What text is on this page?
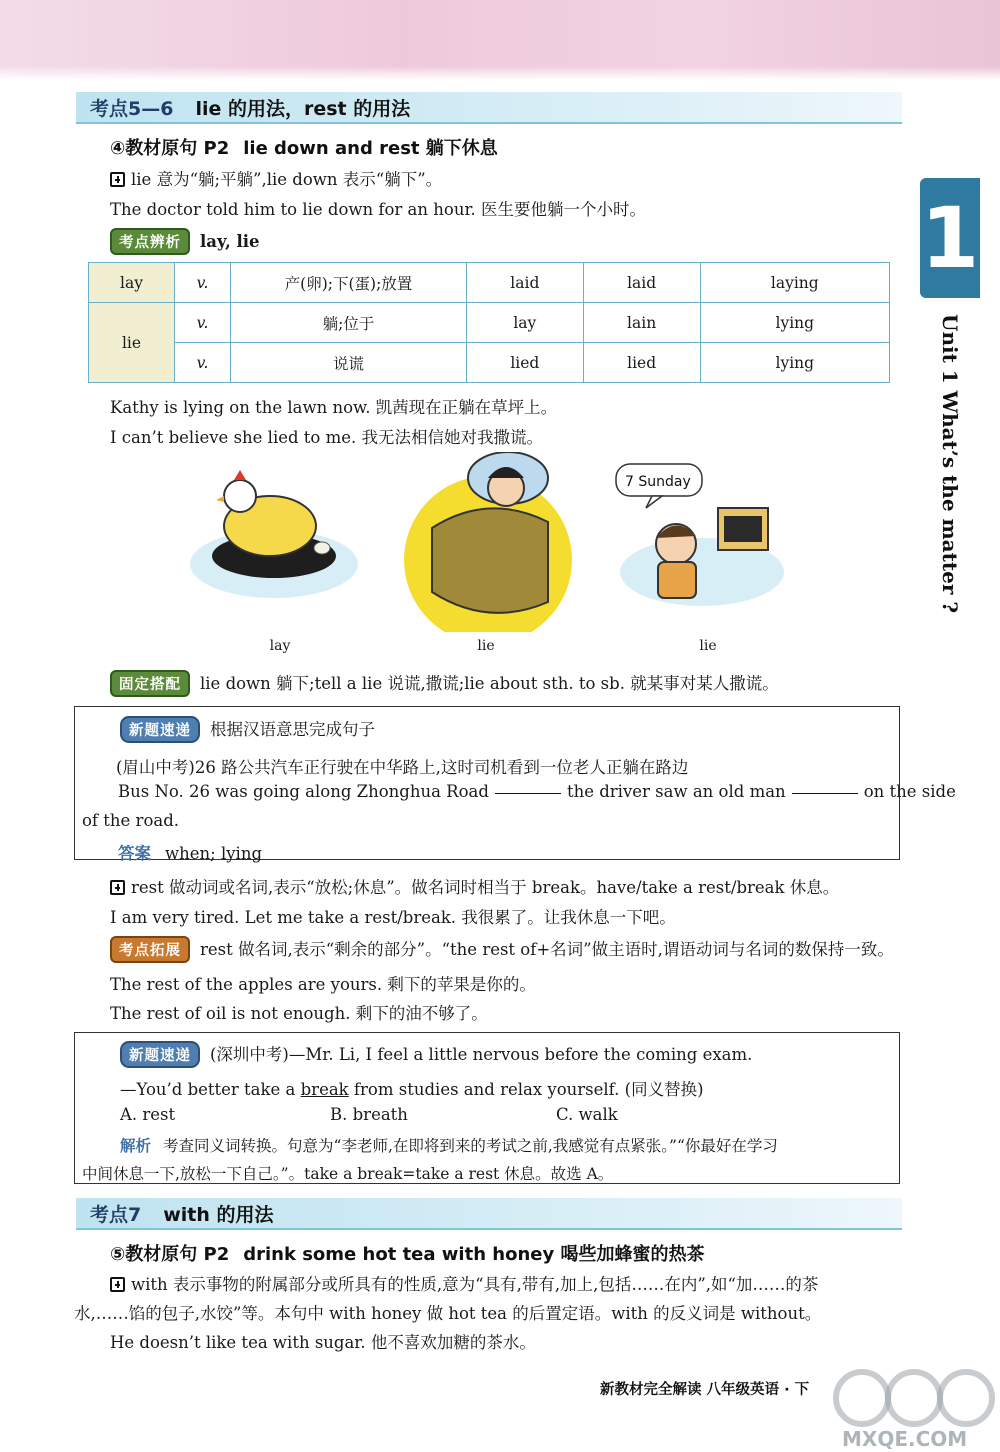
1
Unit 1 What’s the matter ?
考点5—6 lie 的用法，rest 的用法
④教材原句 P2 lie down and rest 躺下休息
lie 意为“躺;平躺”,lie down 表示“躺下”。
The doctor told him to lie down for an hour. 医生要他躺一个小时。
考点辨析 lay, lie
lay	v.	产(卵);下(蛋);放置	laid	laid	laying
lie	v.	躺;位于	lay	lain	lying
	v.	说谎	lied	lied	lying
Kathy is lying on the lawn now. 凯茜现在正躺在草坪上。
I can’t believe she lied to me. 我无法相信她对我撒谎。
7 Sunday
lay	lie	lie
固定搭配 lie down 躺下;tell a lie 说谎,撒谎;lie about sth. to sb. 就某事对某人撒谎。
新题速递 根据汉语意思完成句子
(眉山中考)26 路公共汽车正行驶在中华路上,这时司机看到一位老人正躺在路边
Bus No. 26 was going along Zhonghua Road	the driver saw an old man	on the side
of the road.
答案 when; lying
rest 做动词或名词,表示“放松;休息”。做名词时相当于 break。have/take a rest/break 休息。
I am very tired. Let me take a rest/break. 我很累了。让我休息一下吧。
考点拓展 rest 做名词,表示“剩余的部分”。“the rest of+名词”做主语时,谓语动词与名词的数保持一致。
The rest of the apples are yours. 剩下的苹果是你的。
The rest of oil is not enough. 剩下的油不够了。
新题速递 (深圳中考)—Mr. Li, I feel a little nervous before the coming exam.
—You’d better take a break from studies and relax yourself. (同义替换)
A. rest	B. breath	C. walk
解析 考查同义词转换。句意为“李老师,在即将到来的考试之前,我感觉有点紧张。”“你最好在学习
中间休息一下,放松一下自己。”。take a break=take a rest 休息。故选 A。
考点7 with 的用法
⑤教材原句 P2 drink some hot tea with honey 喝些加蜂蜜的热茶
with 表示事物的附属部分或所具有的性质,意为“具有,带有,加上,包括……在内”,如“加……的茶
水,……馅的包子,水饺”等。本句中 with honey 做 hot tea 的后置定语。with 的反义词是 without。
He doesn’t like tea with sugar. 他不喜欢加糖的茶水。
新教材完全解读 八年级英语 · 下
MXQE.COM
